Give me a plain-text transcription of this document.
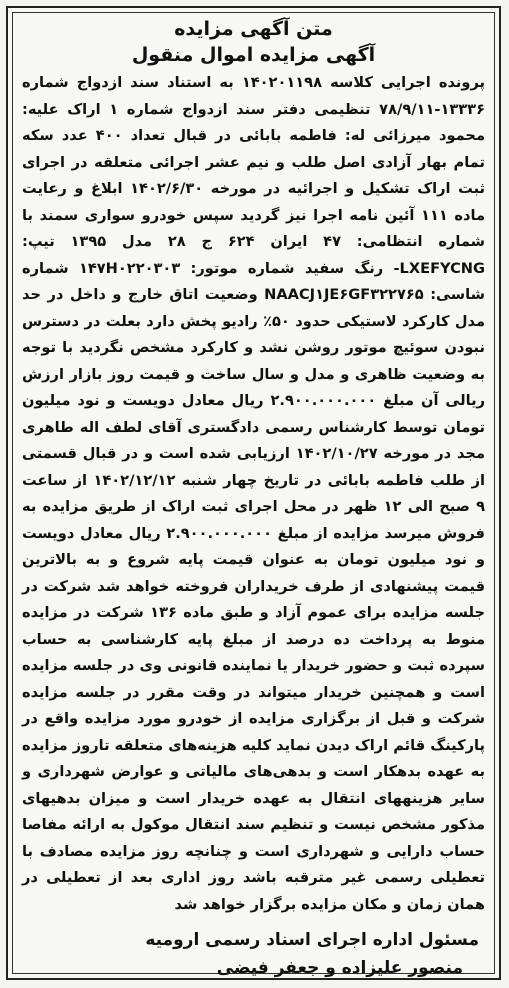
متن آگهی مزایده
آگهی مزایده اموال منقول
پرونده اجرایی کلاسه ۱۴۰۲۰۱۱۹۸ به استناد سند ازدواج شماره ۱۳۳۳۶-۷۸/۹/۱۱ تنظیمی دفتر سند ازدواج شماره ۱ اراک علیه: محمود میرزائی له: فاطمه بابائی در قبال تعداد ۴۰۰ عدد سکه تمام بهار آزادی اصل طلب و نیم عشر اجرائی متعلقه در اجرای ثبت اراک تشکیل و اجرائیه در مورخه ۱۴۰۲/۶/۳۰ ابلاغ و رعایت ماده ۱۱۱ آئین نامه اجرا نیز گردید سپس خودرو سواری سمند با شماره انتظامی: ۴۷ ایران ۶۲۴ ج ۲۸ مدل ۱۳۹۵ تیپ: LXEFYCNG- رنگ سفید شماره موتور: ۱۴۷H۰۲۲۰۳۰۳ شماره شاسی: NAACJ۱JE۶GF۳۲۲۷۶۵ وضعیت اتاق خارج و داخل در حد مدل کارکرد لاستیکی حدود ۵۰٪ رادیو پخش دارد بعلت در دسترس نبودن سوئیچ موتور روشن نشد و کارکرد مشخص نگردید با توجه به وضعیت ظاهری و مدل و سال ساخت و قیمت روز بازار ارزش ریالی آن مبلغ ۲.۹۰۰.۰۰۰.۰۰۰ ریال معادل دویست و نود میلیون تومان توسط کارشناس رسمی دادگستری آقای لطف اله طاهری مجد در مورخه ۱۴۰۲/۱۰/۲۷ ارزیابی شده است و در قبال قسمتی از طلب فاطمه بابائی در تاریخ چهار شنبه ۱۴۰۲/۱۲/۱۲ از ساعت ۹ صبح الی ۱۲ ظهر در محل اجرای ثبت اراک از طریق مزایده به فروش میرسد مزایده از مبلغ ۲.۹۰۰.۰۰۰.۰۰۰ ریال معادل دویست و نود میلیون تومان به عنوان قیمت پایه شروع و به بالاترین قیمت پیشنهادی از طرف خریداران فروخته خواهد شد شرکت در جلسه مزایده برای عموم آزاد و طبق ماده ۱۳۶ شرکت در مزایده منوط به پرداخت ده درصد از مبلغ پایه کارشناسی به حساب سپرده ثبت و حضور خریدار یا نماینده قانونی وی در جلسه مزایده است و همچنین خریدار میتواند در وقت مقرر در جلسه مزایده شرکت و قبل از برگزاری مزایده از خودرو مورد مزایده واقع در پارکینگ قائم اراک دیدن نماید کلیه هزینه‌های متعلقه تاروز مزایده به عهده بدهکار است و بدهی‌های مالیاتی و عوارض شهرداری و سایر هزینههای انتقال به عهده خریدار است و میزان بدهیهای مذکور مشخص نیست و تنظیم سند انتقال موکول به ارائه مفاصا حساب دارایی و شهرداری است و چنانچه روز مزایده مصادف با تعطیلی رسمی غیر مترقبه باشد روز اداری بعد از تعطیلی در همان زمان و مکان مزایده برگزار خواهد شد
مسئول اداره اجرای اسناد رسمی ارومیه
منصور علیزاده و جعفر فیضی
